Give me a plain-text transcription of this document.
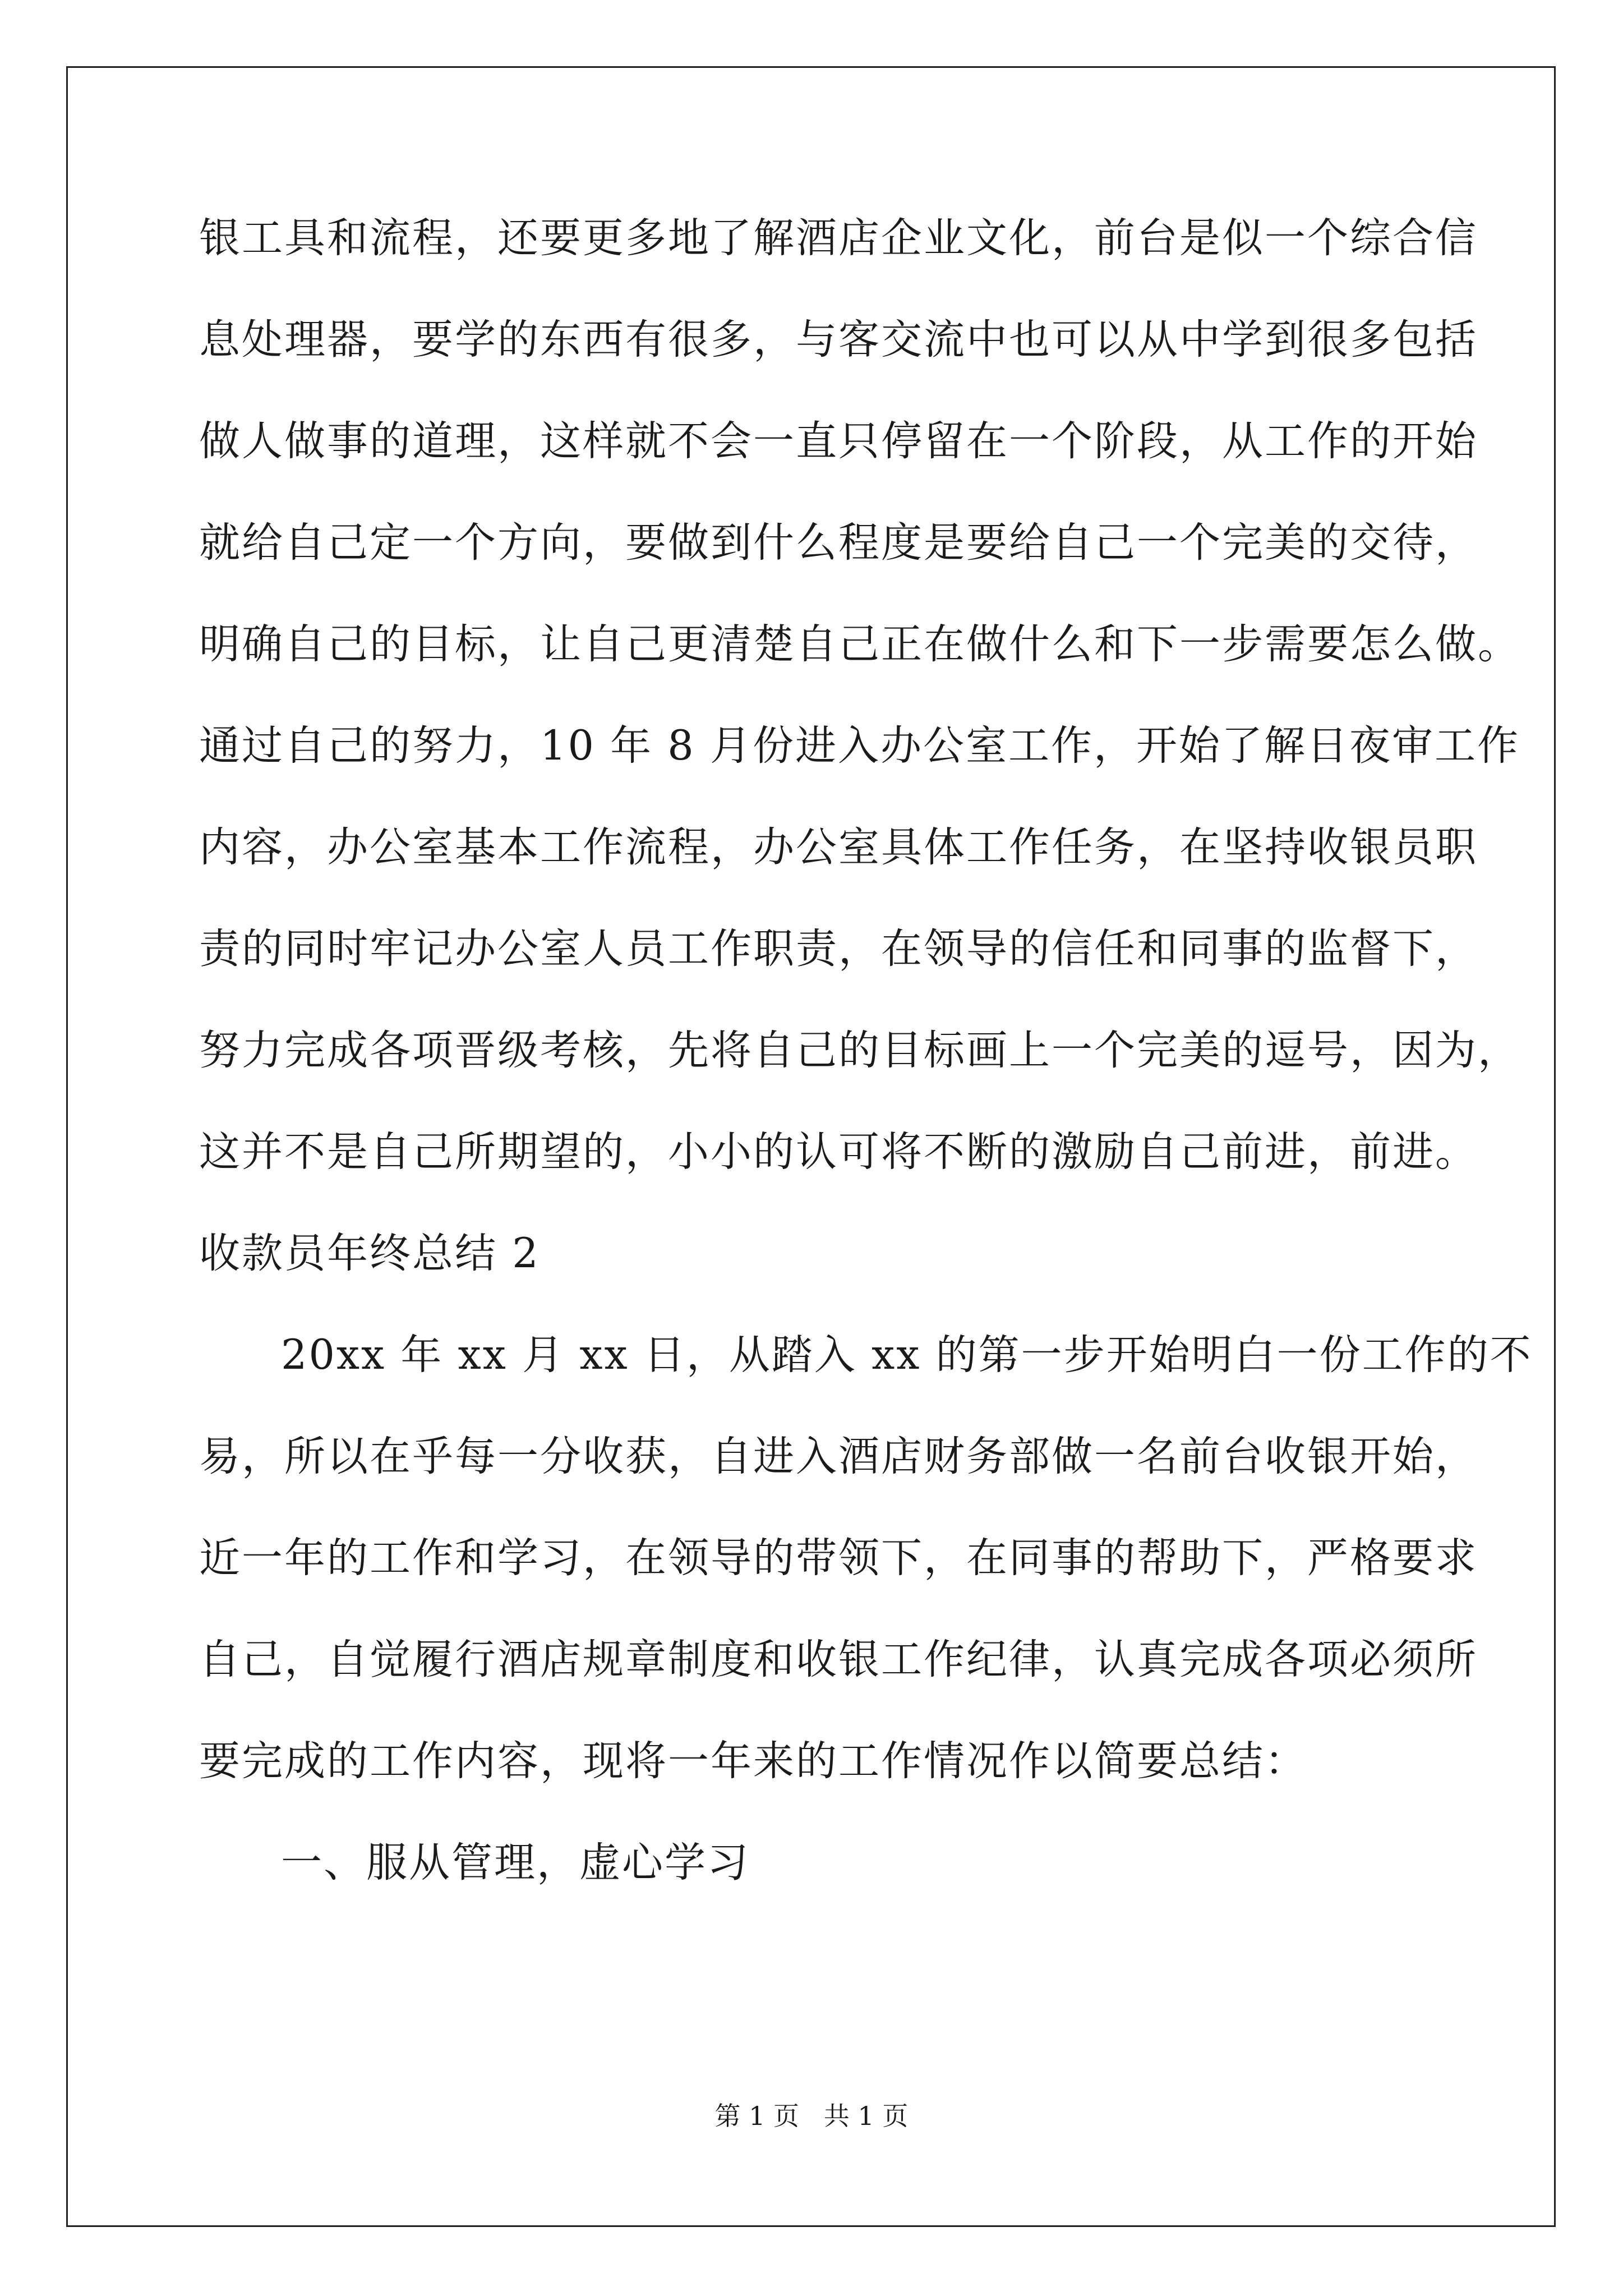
银工具和流程，还要更多地了解酒店企业文化，前台是似一个综合信
息处理器，要学的东西有很多，与客交流中也可以从中学到很多包括
做人做事的道理，这样就不会一直只停留在一个阶段，从工作的开始
就给自己定一个方向，要做到什么程度是要给自己一个完美的交待，
明确自己的目标，让自己更清楚自己正在做什么和下一步需要怎么做。
通过自己的努力，10 年 8 月份进入办公室工作，开始了解日夜审工作
内容，办公室基本工作流程，办公室具体工作任务，在坚持收银员职
责的同时牢记办公室人员工作职责，在领导的信任和同事的监督下，
努力完成各项晋级考核，先将自己的目标画上一个完美的逗号，因为，
这并不是自己所期望的，小小的认可将不断的激励自己前进，前进。
收款员年终总结 2
20xx 年 xx 月 xx 日，从踏入 xx 的第一步开始明白一份工作的不
易，所以在乎每一分收获，自进入酒店财务部做一名前台收银开始，
近一年的工作和学习，在领导的带领下，在同事的帮助下，严格要求
自己，自觉履行酒店规章制度和收银工作纪律，认真完成各项必须所
要完成的工作内容，现将一年来的工作情况作以简要总结：
一、服从管理，虚心学习
第 1 页   共 1 页
